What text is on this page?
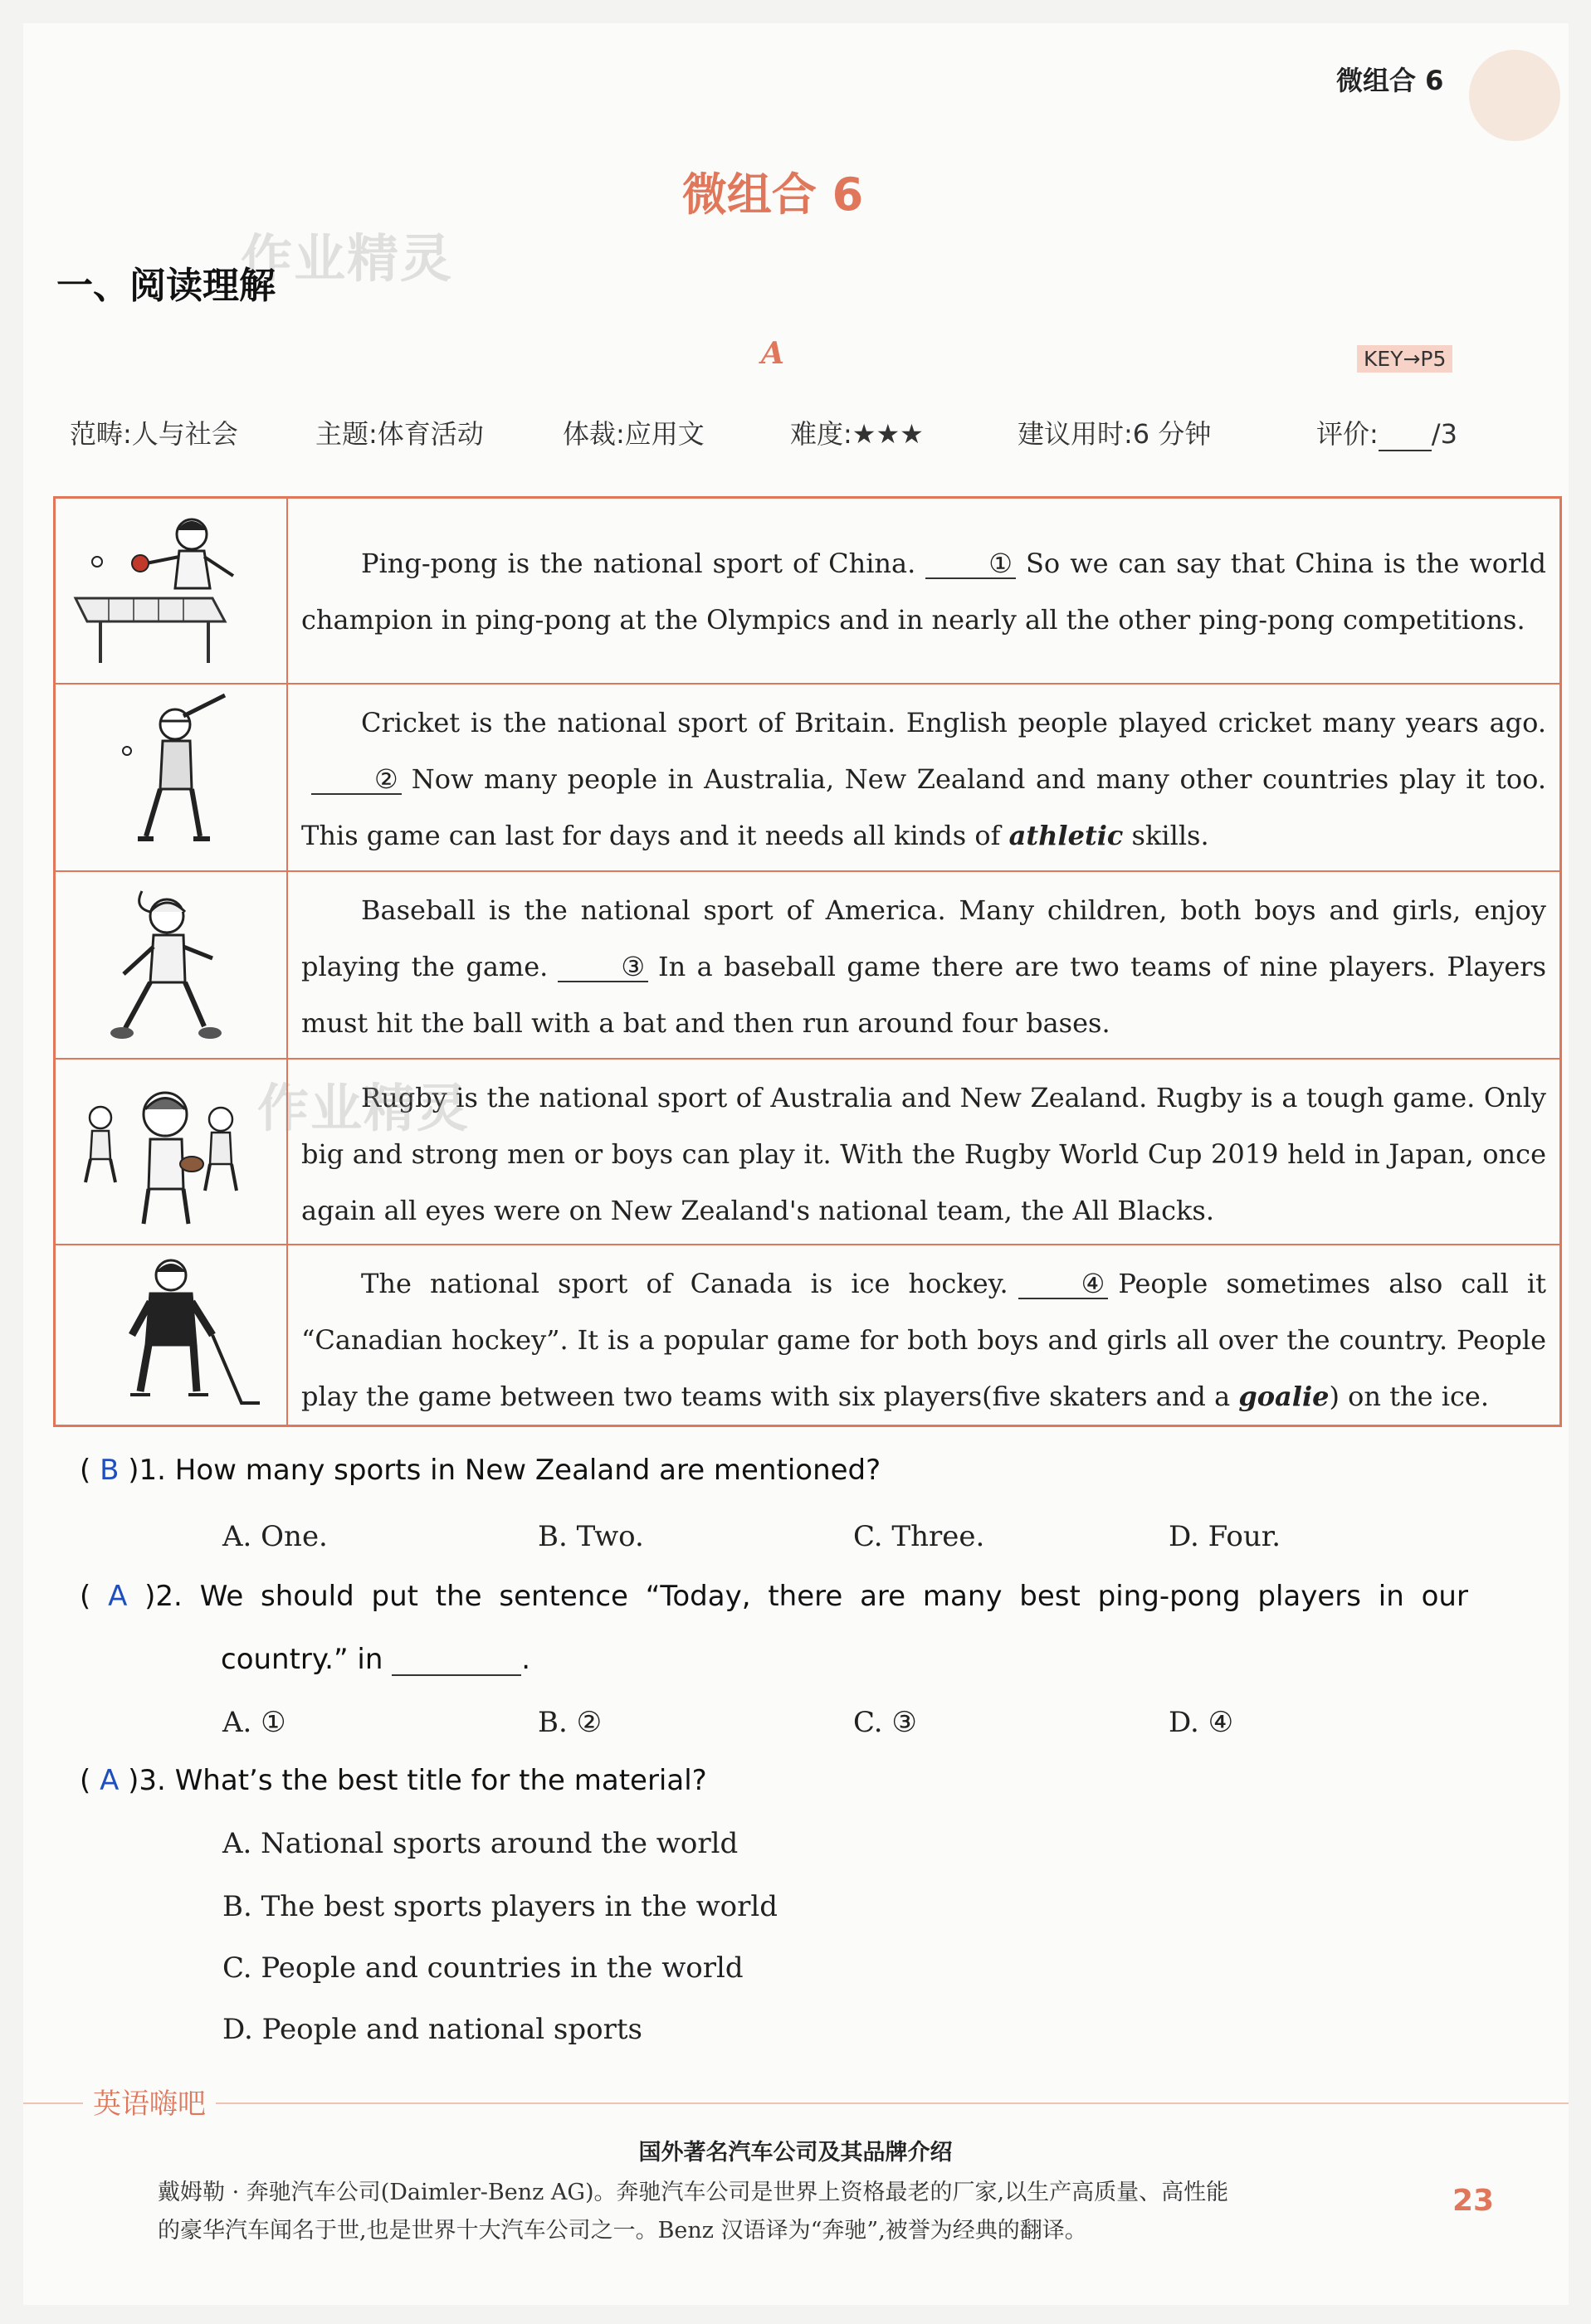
微组合 6
微组合 6
作业精灵
一、阅读理解
A	KEY→P5
范畴:人与社会	主题:体育活动	体裁:应用文	难度:★★★	建议用时:6 分钟	评价: /3

Ping-pong is the national sport of China.	① So we can say that China is the world champion in ping-pong at the Olympics and in nearly all the other ping-pong competitions.

Cricket is the national sport of Britain. English people played cricket many years ago.② Now many people in Australia, New Zealand and many other countries play it too. This game can last for days and it needs all kinds of athletic skills.

Baseball is the national sport of America. Many children, both boys and girls, enjoy playing the game.	③ In a baseball game there are two teams of nine players. Players must hit the ball with a bat and then run around four bases.

Rugby is the national sport of Australia and New Zealand. Rugby is a tough game. Only big and strong men or boys can play it. With the Rugby World Cup 2019 held in Japan, once again all eyes were on New Zealand's national team, the All Blacks.

The national sport of Canada is ice hockey.	④ People sometimes also call it “Canadian hockey”. It is a popular game for both boys and girls all over the country. People play the game between two teams with six players(five skaters and a goalie) on the ice.

作业精灵
( B )1. How many sports in New Zealand are mentioned?
A. One.	B. Two.	C. Three.	D. Four.
( A )2. We should put the sentence “Today, there are many best ping-pong players in our
country.” in	.
A. ①	B. ②	C. ③	D. ④
( A )3. What’s the best title for the material?
A. National sports around the world
B. The best sports players in the world
C. People and countries in the world
D. People and national sports
英语嗨吧
国外著名汽车公司及其品牌介绍
戴姆勒 · 奔驰汽车公司(Daimler-Benz AG)。奔驰汽车公司是世界上资格最老的厂家,以生产高质量、高性能
的豪华汽车闻名于世,也是世界十大汽车公司之一。Benz 汉语译为“奔驰”,被誉为经典的翻译。
23
